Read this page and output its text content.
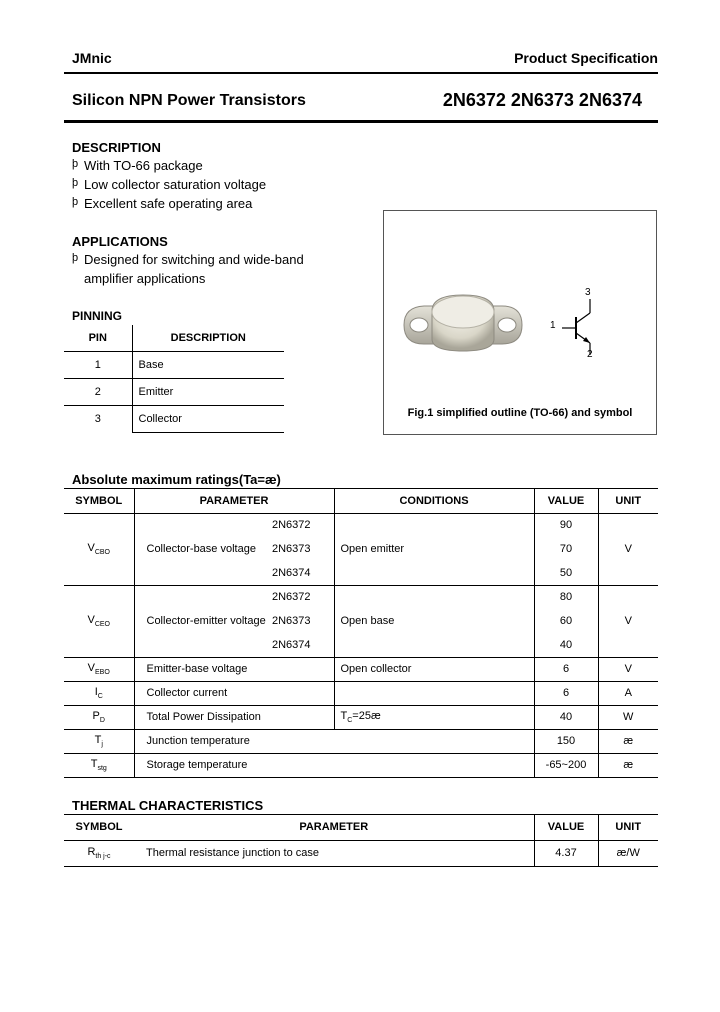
JMnic	Product Specification
Silicon NPN Power Transistors	2N6372 2N6373 2N6374
DESCRIPTION
þ With TO-66 package
þ Low collector saturation voltage
þ Excellent safe operating area
APPLICATIONS
þ Designed for switching and wide-band
amplifier applications
PINNING
PIN	DESCRIPTION
1	Base
2	Emitter
3	Collector
1
2
3
Fig.1 simplified outline (TO-66) and symbol
Absolute maximum ratings(Ta=æ)
SYMBOL	PARAMETER		CONDITIONS	VALUE	UNIT
$V_{CBO}$	Collector-base voltage	2N6372	Open emitter	90	V
		2N6373		70	
		2N6374		50	
$V_{CEO}$	Collector-emitter voltage	2N6372	Open base	80	V
		2N6373		60	
		2N6374		40	
$V_{EBO}$	Emitter-base voltage		Open collector	6	V
$I_C$	Collector current			6	A
$P_D$	Total Power Dissipation		$T_C=25æ$	40	W
$T_j$	Junction temperature			150	æ
$T_{stg}$	Storage temperature			-65~200	æ
THERMAL CHARACTERISTICS
SYMBOL	PARAMETER	VALUE	UNIT
$R_{th j-c}$	Thermal resistance junction to case	4.37	æ/W
